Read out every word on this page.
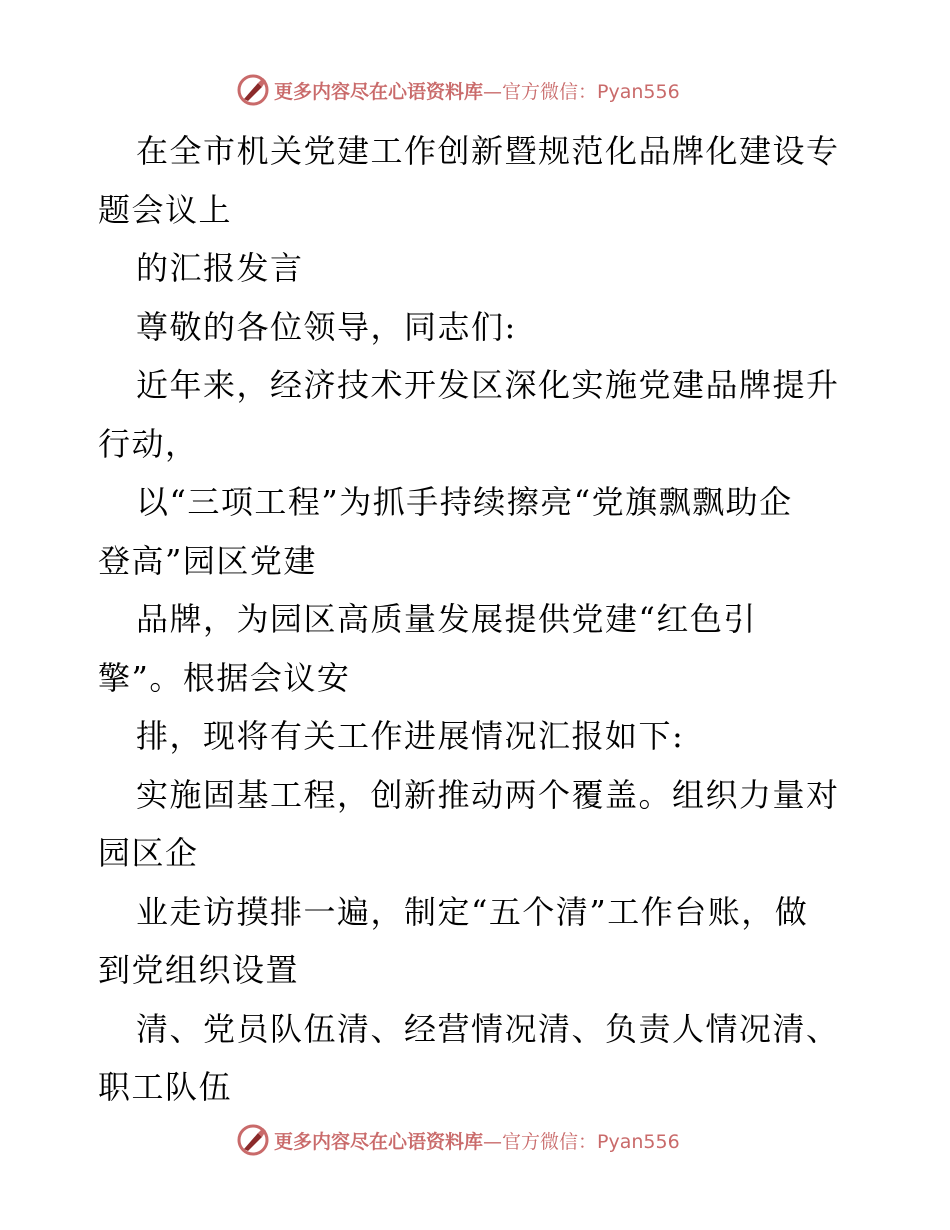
更多内容尽在心语资料库 —官方微信：Pyan556
在全市机关党建工作创新暨规范化品牌化建设专
题会议上
的汇报发言
尊敬的各位领导，同志们:
近年来，经济技术开发区深化实施党建品牌提升
行动，
以“三项工程”为抓手持续擦亮“党旗飘飘助企
登高”园区党建
品牌，为园区高质量发展提供党建“红色引
擎”。根据会议安
排，现将有关工作进展情况汇报如下:
实施固基工程，创新推动两个覆盖。组织力量对
园区企
业走访摸排一遍，制定“五个清”工作台账，做
到党组织设置
清、党员队伍清、经营情况清、负责人情况清、
职工队伍
更多内容尽在心语资料库 —官方微信：Pyan556
